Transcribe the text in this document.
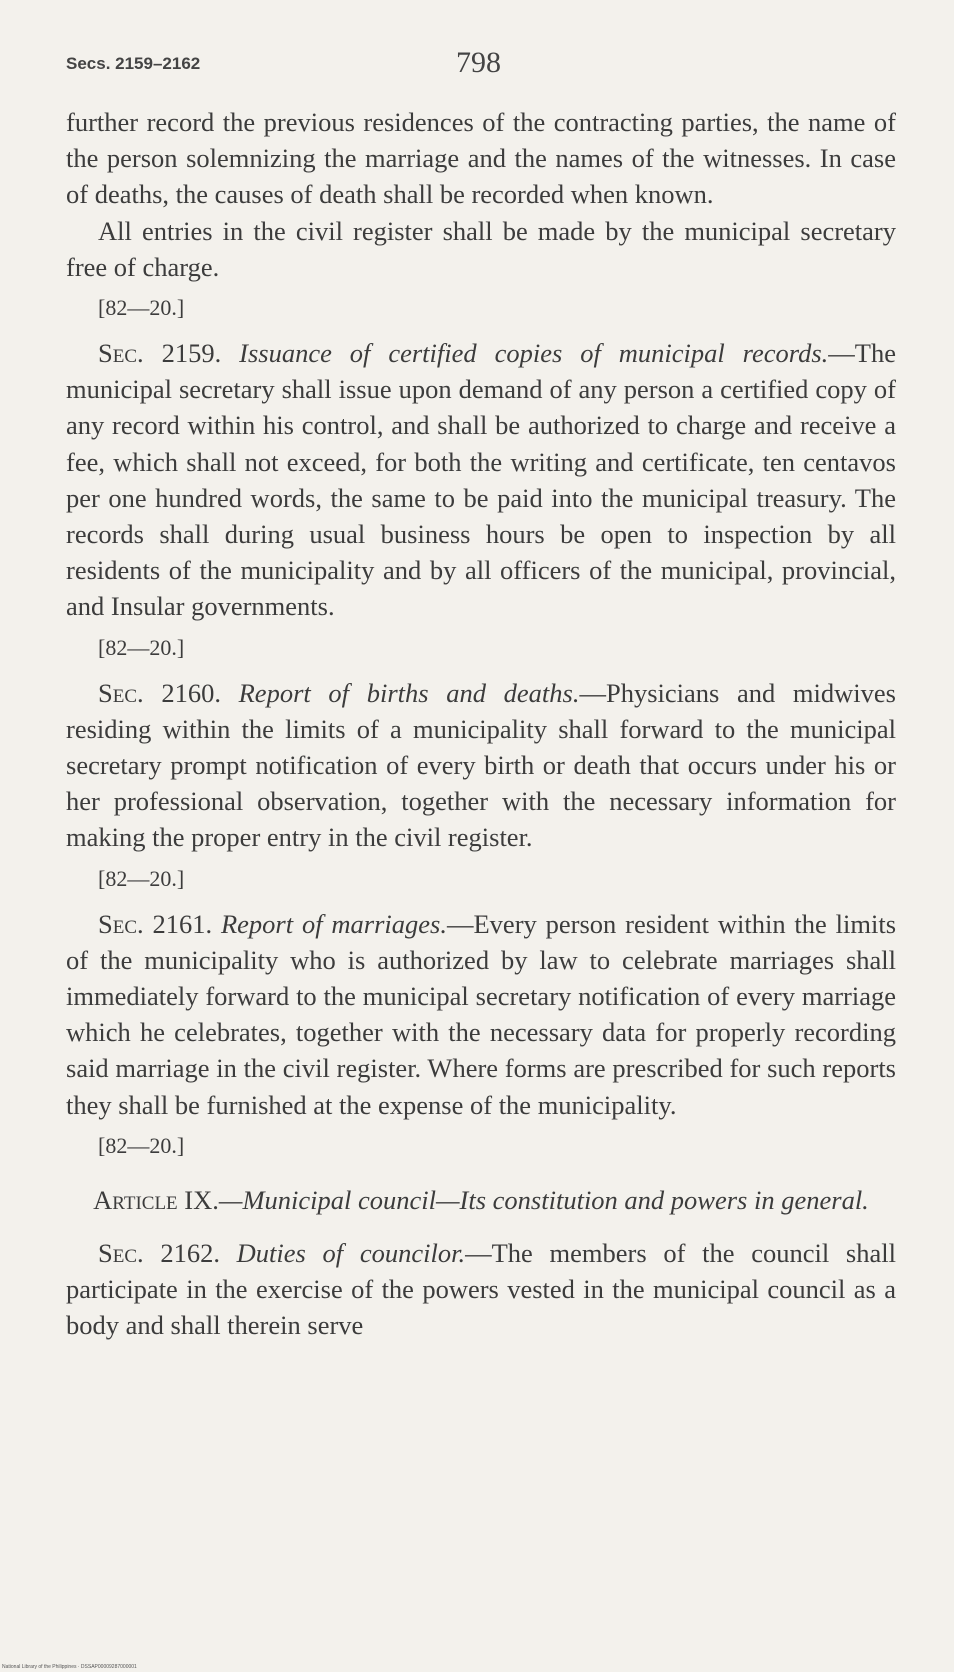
Secs. 2159–2162	798

further record the previous residences of the contracting parties, the name of the person solemnizing the marriage and the names of the witnesses. In case of deaths, the causes of death shall be recorded when known.

All entries in the civil register shall be made by the municipal secretary free of charge.

[82—20.]

Sec. 2159. Issuance of certified copies of municipal records.—The municipal secretary shall issue upon demand of any person a certified copy of any record within his control, and shall be authorized to charge and receive a fee, which shall not exceed, for both the writing and certificate, ten centavos per one hundred words, the same to be paid into the municipal treasury. The records shall during usual business hours be open to inspection by all residents of the municipality and by all officers of the municipal, provincial, and Insular governments.

[82—20.]

Sec. 2160. Report of births and deaths.—Physicians and midwives residing within the limits of a municipality shall forward to the municipal secretary prompt notification of every birth or death that occurs under his or her professional observation, together with the necessary information for making the proper entry in the civil register.

[82—20.]

Sec. 2161. Report of marriages.—Every person resident within the limits of the municipality who is authorized by law to celebrate marriages shall immediately forward to the municipal secretary notification of every marriage which he celebrates, together with the necessary data for properly recording said marriage in the civil register. Where forms are prescribed for such reports they shall be furnished at the expense of the municipality.

[82—20.]

Article IX.—Municipal council—Its constitution and powers in general.

Sec. 2162. Duties of councilor.—The members of the council shall participate in the exercise of the powers vested in the municipal council as a body and shall therein serve

National Library of the Philippines · DSSAP00009287000001
